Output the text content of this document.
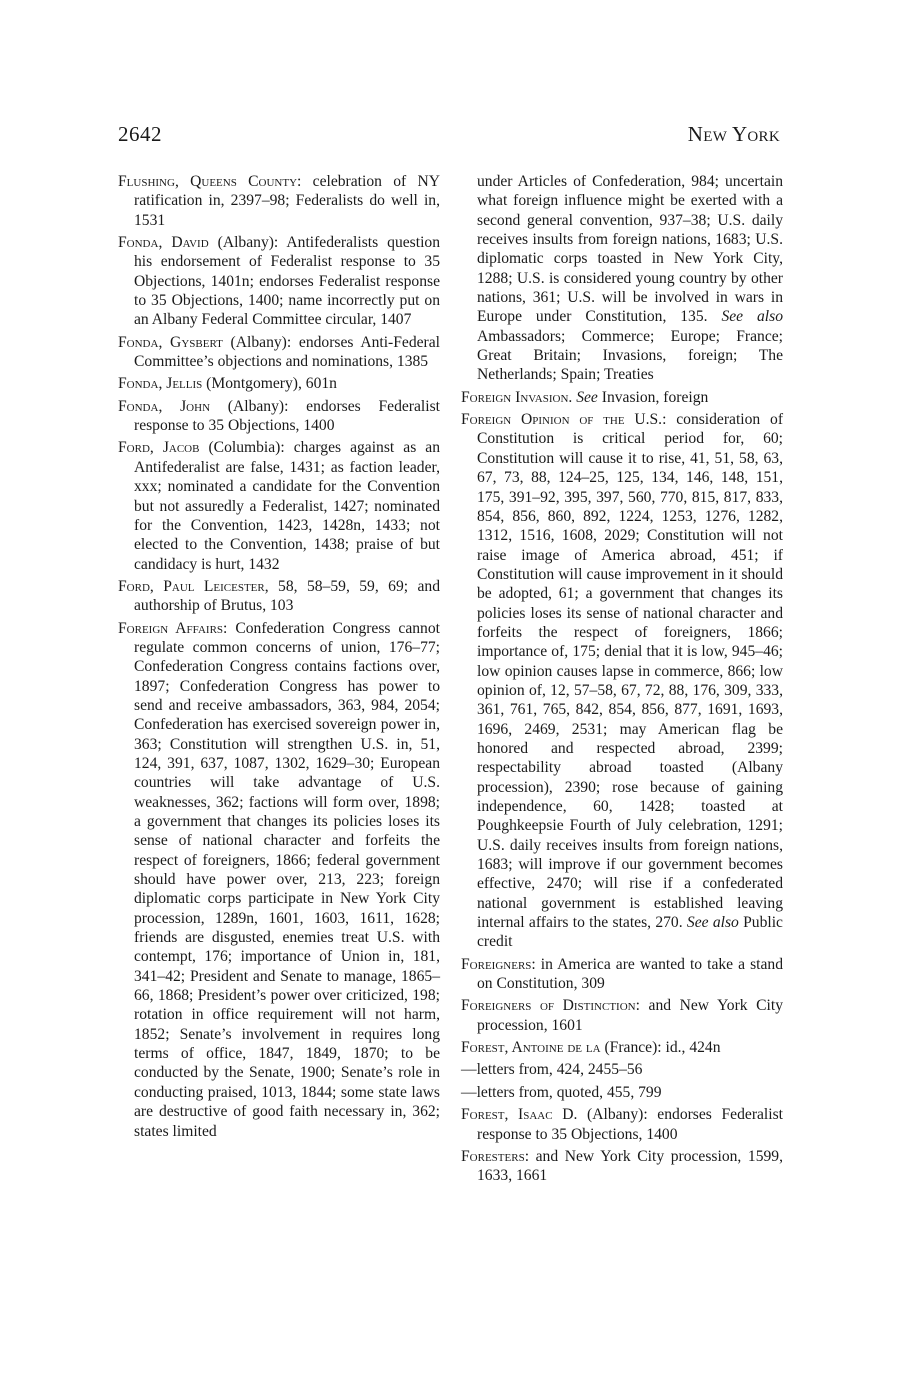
2642	New York

Flushing, Queens County: celebration of NY ratification in, 2397–98; Federalists do well in, 1531

Fonda, David (Albany): Antifederalists question his endorsement of Federalist response to 35 Objections, 1401n; endorses Federalist response to 35 Objections, 1400; name incorrectly put on an Albany Federal Committee circular, 1407

Fonda, Gysbert (Albany): endorses Anti-Federal Committee’s objections and nominations, 1385

Fonda, Jellis (Montgomery), 601n

Fonda, John (Albany): endorses Federalist response to 35 Objections, 1400

Ford, Jacob (Columbia): charges against as an Antifederalist are false, 1431; as faction leader, xxx; nominated a candidate for the Convention but not assuredly a Federalist, 1427; nominated for the Convention, 1423, 1428n, 1433; not elected to the Convention, 1438; praise of but candidacy is hurt, 1432

Ford, Paul Leicester, 58, 58–59, 59, 69; and authorship of Brutus, 103

Foreign Affairs: Confederation Congress cannot regulate common concerns of union, 176–77; Confederation Congress contains factions over, 1897; Confederation Congress has power to send and receive ambassadors, 363, 984, 2054; Confederation has exercised sovereign power in, 363; Constitution will strengthen U.S. in, 51, 124, 391, 637, 1087, 1302, 1629–30; European countries will take advantage of U.S. weaknesses, 362; factions will form over, 1898; a government that changes its policies loses its sense of national character and forfeits the respect of foreigners, 1866; federal government should have power over, 213, 223; foreign diplomatic corps participate in New York City procession, 1289n, 1601, 1603, 1611, 1628; friends are disgusted, enemies treat U.S. with contempt, 176; importance of Union in, 181, 341–42; President and Senate to manage, 1865–66, 1868; President’s power over criticized, 198; rotation in office requirement will not harm, 1852; Senate’s involvement in requires long terms of office, 1847, 1849, 1870; to be conducted by the Senate, 1900; Senate’s role in conducting praised, 1013, 1844; some state laws are destructive of good faith necessary in, 362; states limited

under Articles of Confederation, 984; uncertain what foreign influence might be exerted with a second general convention, 937–38; U.S. daily receives insults from foreign nations, 1683; U.S. diplomatic corps toasted in New York City, 1288; U.S. is considered young country by other nations, 361; U.S. will be involved in wars in Europe under Constitution, 135. See also Ambassadors; Commerce; Europe; France; Great Britain; Invasions, foreign; The Netherlands; Spain; Treaties

Foreign Invasion. See Invasion, foreign

Foreign Opinion of the U.S.: consideration of Constitution is critical period for, 60; Constitution will cause it to rise, 41, 51, 58, 63, 67, 73, 88, 124–25, 125, 134, 146, 148, 151, 175, 391–92, 395, 397, 560, 770, 815, 817, 833, 854, 856, 860, 892, 1224, 1253, 1276, 1282, 1312, 1516, 1608, 2029; Constitution will not raise image of America abroad, 451; if Constitution will cause improvement in it should be adopted, 61; a government that changes its policies loses its sense of national character and forfeits the respect of foreigners, 1866; importance of, 175; denial that it is low, 945–46; low opinion causes lapse in commerce, 866; low opinion of, 12, 57–58, 67, 72, 88, 176, 309, 333, 361, 761, 765, 842, 854, 856, 877, 1691, 1693, 1696, 2469, 2531; may American flag be honored and respected abroad, 2399; respectability abroad toasted (Albany procession), 2390; rose because of gaining independence, 60, 1428; toasted at Poughkeepsie Fourth of July celebration, 1291; U.S. daily receives insults from foreign nations, 1683; will improve if our government becomes effective, 2470; will rise if a confederated national government is established leaving internal affairs to the states, 270. See also Public credit

Foreigners: in America are wanted to take a stand on Constitution, 309

Foreigners of Distinction: and New York City procession, 1601

Forest, Antoine de la (France): id., 424n

—letters from, 424, 2455–56

—letters from, quoted, 455, 799

Forest, Isaac D. (Albany): endorses Federalist response to 35 Objections, 1400

Foresters: and New York City procession, 1599, 1633, 1661
